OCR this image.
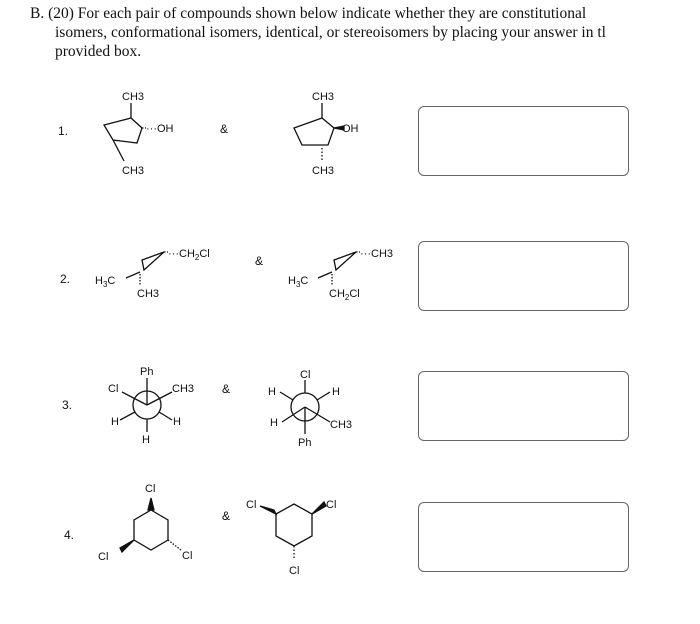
B. (20) For each pair of compounds shown below indicate whether they are constitutional
isomers, conformational isomers, identical, or stereoisomers by placing your answer in tl
provided box.
1.
2.
3.
4.
&
&
&
&
CH3
···OH
CH3
CH3
OH
CH3
$\cdot\cdot\cdot CH_2Cl$
$H_3C$
CH3
···CH3
$H_3C$
$CH_2Cl$
Ph
Cl	CH3
H	H
H
Cl
H	H
H	CH3
Ph
Cl
Cl	Cl
Cl	Cl
Cl
